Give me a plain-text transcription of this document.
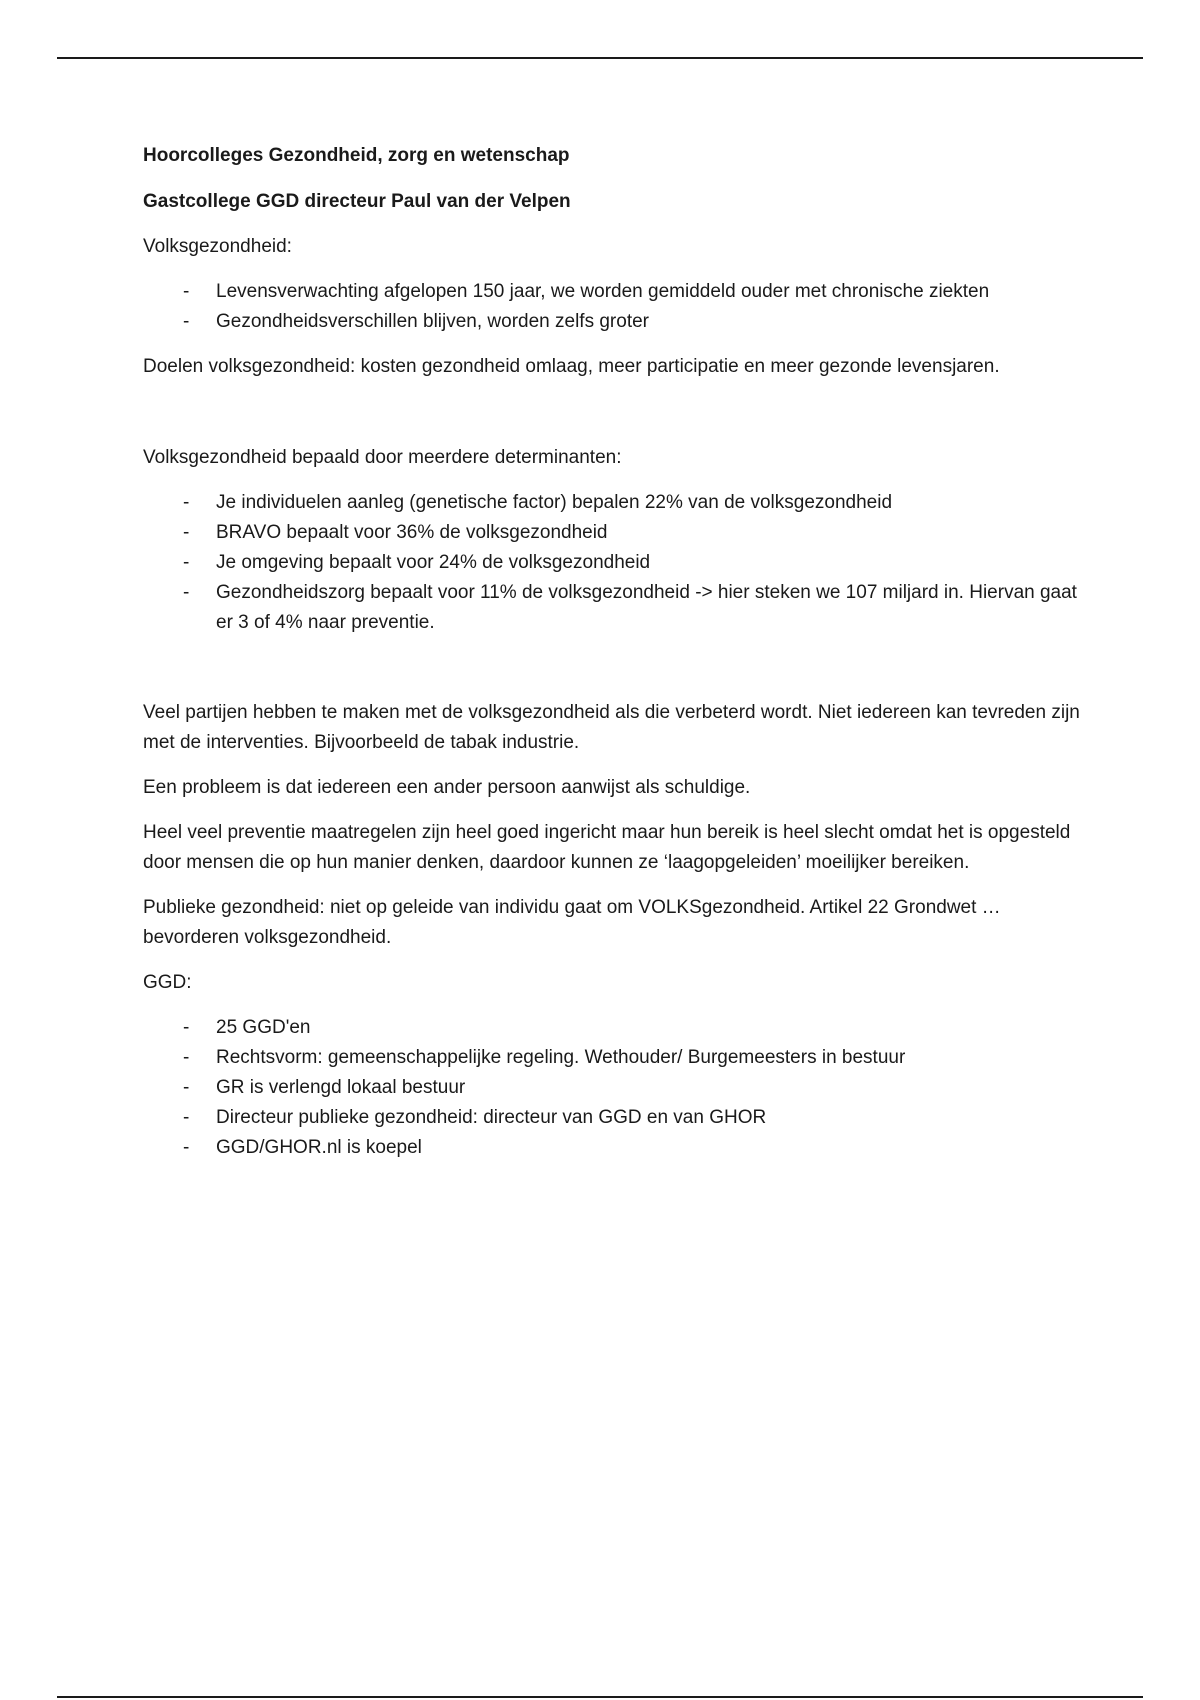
Hoorcolleges Gezondheid, zorg en wetenschap

Gastcollege GGD directeur Paul van der Velpen

Volksgezondheid:

- Levensverwachting afgelopen 150 jaar, we worden gemiddeld ouder met chronische ziekten
- Gezondheidsverschillen blijven, worden zelfs groter

Doelen volksgezondheid: kosten gezondheid omlaag, meer participatie en meer gezonde levensjaren.

Volksgezondheid bepaald door meerdere determinanten:

- Je individuelen aanleg (genetische factor) bepalen 22% van de volksgezondheid
- BRAVO bepaalt voor 36% de volksgezondheid
- Je omgeving bepaalt voor 24% de volksgezondheid
- Gezondheidszorg bepaalt voor 11% de volksgezondheid -> hier steken we 107 miljard in. Hiervan gaat er 3 of 4% naar preventie.

Veel partijen hebben te maken met de volksgezondheid als die verbeterd wordt. Niet iedereen kan tevreden zijn met de interventies. Bijvoorbeeld de tabak industrie.

Een probleem is dat iedereen een ander persoon aanwijst als schuldige.

Heel veel preventie maatregelen zijn heel goed ingericht maar hun bereik is heel slecht omdat het is opgesteld door mensen die op hun manier denken, daardoor kunnen ze ‘laagopgeleiden’ moeilijker bereiken.

Publieke gezondheid: niet op geleide van individu gaat om VOLKSgezondheid. Artikel 22 Grondwet … bevorderen volksgezondheid.

GGD:

- 25 GGD'en
- Rechtsvorm: gemeenschappelijke regeling. Wethouder/ Burgemeesters in bestuur
- GR is verlengd lokaal bestuur
- Directeur publieke gezondheid: directeur van GGD en van GHOR
- GGD/GHOR.nl is koepel
